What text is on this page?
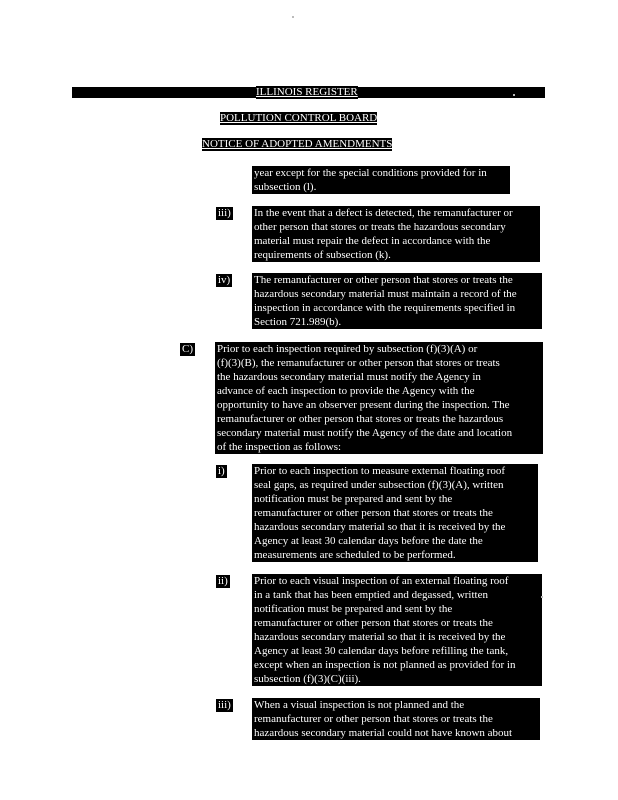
ILLINOIS REGISTER
POLLUTION CONTROL BOARD
NOTICE OF ADOPTED AMENDMENTS

year except for the special conditions provided for in

subsection (l).

iii) In the event that a defect is detected, the remanufacturer or

other person that stores or treats the hazardous secondary

material must repair the defect in accordance with the

requirements of subsection (k).

iv) The remanufacturer or other person that stores or treats the

hazardous secondary material must maintain a record of the

inspection in accordance with the requirements specified in

Section 721.989(b).

C) Prior to each inspection required by subsection (f)(3)(A) or

(f)(3)(B), the remanufacturer or other person that stores or treats

the hazardous secondary material must notify the Agency in

advance of each inspection to provide the Agency with the

opportunity to have an observer present during the inspection. The

remanufacturer or other person that stores or treats the hazardous

secondary material must notify the Agency of the date and location

of the inspection as follows:

i)	Prior to each inspection to measure external floating roof

seal gaps, as required under subsection (f)(3)(A), written

notification must be prepared and sent by the

remanufacturer or other person that stores or treats the

hazardous secondary material so that it is received by the

Agency at least 30 calendar days before the date the

measurements are scheduled to be performed.

ii) Prior to each visual inspection of an external floating roof

in a tank that has been emptied and degassed, written

notification must be prepared and sent by the

remanufacturer or other person that stores or treats the

hazardous secondary material so that it is received by the

Agency at least 30 calendar days before refilling the tank,

except when an inspection is not planned as provided for in

subsection (f)(3)(C)(iii).

iii) When a visual inspection is not planned and the

remanufacturer or other person that stores or treats the

hazardous secondary material could not have known about
